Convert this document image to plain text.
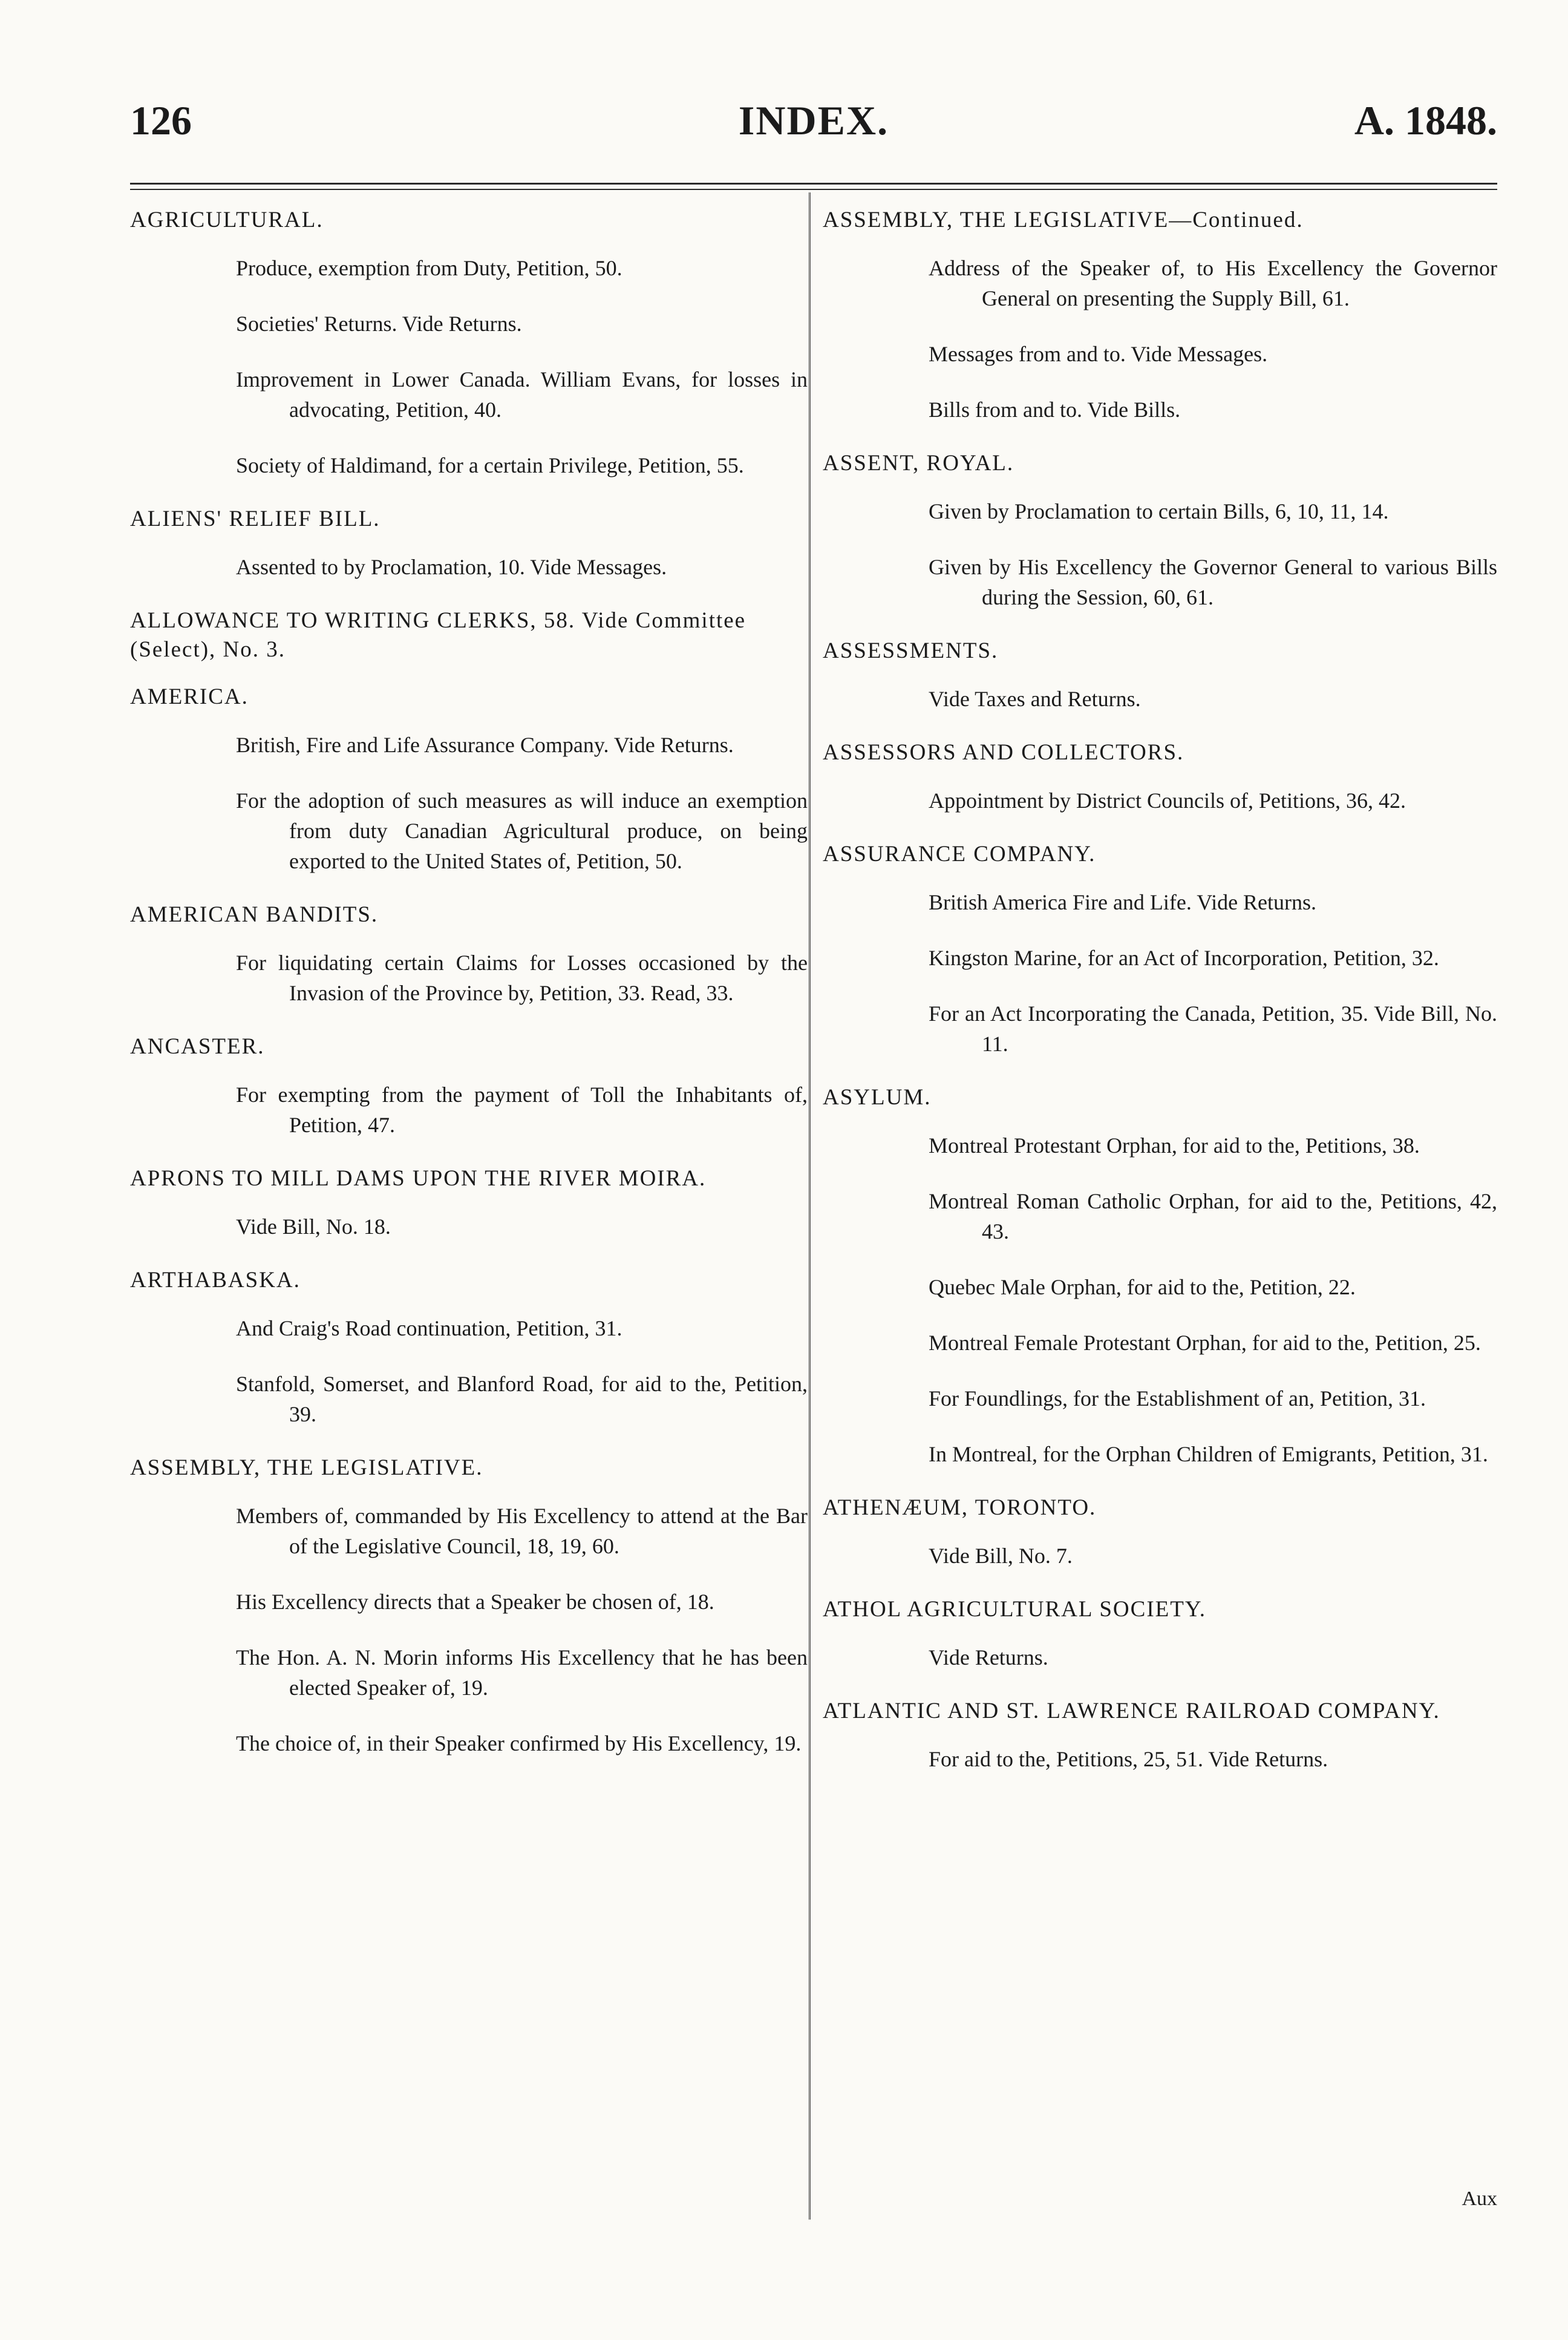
126	INDEX.	A. 1848.
AGRICULTURAL.
Produce, exemption from Duty, Petition, 50.
Societies' Returns. Vide Returns.
Improvement in Lower Canada. William Evans, for losses in advocating, Petition, 40.
Society of Haldimand, for a certain Privilege, Petition, 55.
ALIENS' RELIEF BILL.
Assented to by Proclamation, 10. Vide Messages.
ALLOWANCE TO WRITING CLERKS, 58. Vide Committee (Select), No. 3.
AMERICA.
British, Fire and Life Assurance Company. Vide Returns.
For the adoption of such measures as will induce an exemption from duty Canadian Agricultural produce, on being exported to the United States of, Petition, 50.
AMERICAN BANDITS.
For liquidating certain Claims for Losses occasioned by the Invasion of the Province by, Petition, 33. Read, 33.
ANCASTER.
For exempting from the payment of Toll the Inhabitants of, Petition, 47.
APRONS TO MILL DAMS UPON THE RIVER MOIRA.
Vide Bill, No. 18.
ARTHABASKA.
And Craig's Road continuation, Petition, 31.
Stanfold, Somerset, and Blanford Road, for aid to the, Petition, 39.
ASSEMBLY, THE LEGISLATIVE.
Members of, commanded by His Excellency to attend at the Bar of the Legislative Council, 18, 19, 60.
His Excellency directs that a Speaker be chosen of, 18.
The Hon. A. N. Morin informs His Excellency that he has been elected Speaker of, 19.
The choice of, in their Speaker confirmed by His Excellency, 19.
ASSEMBLY, THE LEGISLATIVE—Continued.
Address of the Speaker of, to His Excellency the Governor General on presenting the Supply Bill, 61.
Messages from and to. Vide Messages.
Bills from and to. Vide Bills.
ASSENT, ROYAL.
Given by Proclamation to certain Bills, 6, 10, 11, 14.
Given by His Excellency the Governor General to various Bills during the Session, 60, 61.
ASSESSMENTS.
Vide Taxes and Returns.
ASSESSORS AND COLLECTORS.
Appointment by District Councils of, Petitions, 36, 42.
ASSURANCE COMPANY.
British America Fire and Life. Vide Returns.
Kingston Marine, for an Act of Incorporation, Petition, 32.
For an Act Incorporating the Canada, Petition, 35. Vide Bill, No. 11.
ASYLUM.
Montreal Protestant Orphan, for aid to the, Petitions, 38.
Montreal Roman Catholic Orphan, for aid to the, Petitions, 42, 43.
Quebec Male Orphan, for aid to the, Petition, 22.
Montreal Female Protestant Orphan, for aid to the, Petition, 25.
For Foundlings, for the Establishment of an, Petition, 31.
In Montreal, for the Orphan Children of Emigrants, Petition, 31.
ATHENÆUM, TORONTO.
Vide Bill, No. 7.
ATHOL AGRICULTURAL SOCIETY.
Vide Returns.
ATLANTIC AND ST. LAWRENCE RAILROAD COMPANY.
For aid to the, Petitions, 25, 51. Vide Returns.
Aux
